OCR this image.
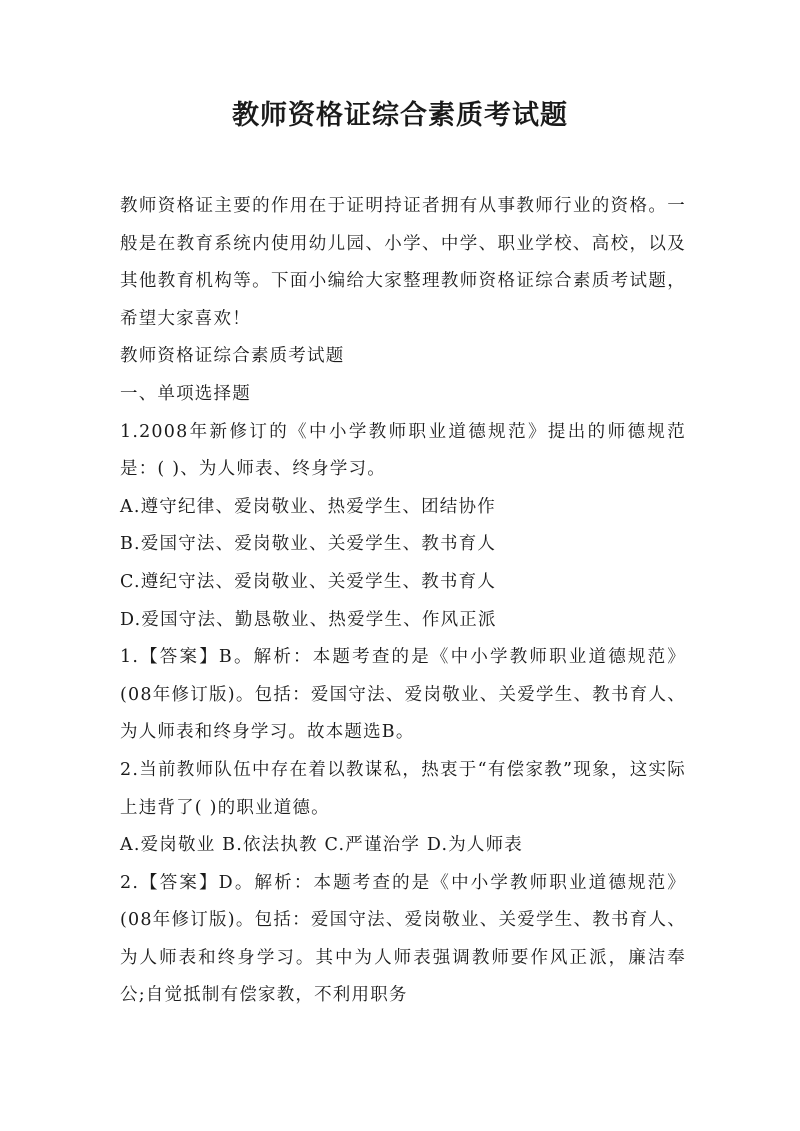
教师资格证综合素质考试题

教师资格证主要的作用在于证明持证者拥有从事教师行业的资格。一般是在教育系统内使用幼儿园、小学、中学、职业学校、高校，以及其他教育机构等。下面小编给大家整理教师资格证综合素质考试题，希望大家喜欢！

教师资格证综合素质考试题

一、单项选择题

1.2008年新修订的《中小学教师职业道德规范》提出的师德规范是：( )、为人师表、终身学习。

A.遵守纪律、爱岗敬业、热爱学生、团结协作

B.爱国守法、爱岗敬业、关爱学生、教书育人

C.遵纪守法、爱岗敬业、关爱学生、教书育人

D.爱国守法、勤恳敬业、热爱学生、作风正派

1.【答案】B。解析：本题考查的是《中小学教师职业道德规范》(08年修订版)。包括：爱国守法、爱岗敬业、关爱学生、教书育人、为人师表和终身学习。故本题选B。

2.当前教师队伍中存在着以教谋私，热衷于“有偿家教”现象，这实际上违背了( )的职业道德。

A.爱岗敬业 B.依法执教 C.严谨治学 D.为人师表

2.【答案】D。解析：本题考查的是《中小学教师职业道德规范》(08年修订版)。包括：爱国守法、爱岗敬业、关爱学生、教书育人、为人师表和终身学习。其中为人师表强调教师要作风正派，廉洁奉公;自觉抵制有偿家教，不利用职务
